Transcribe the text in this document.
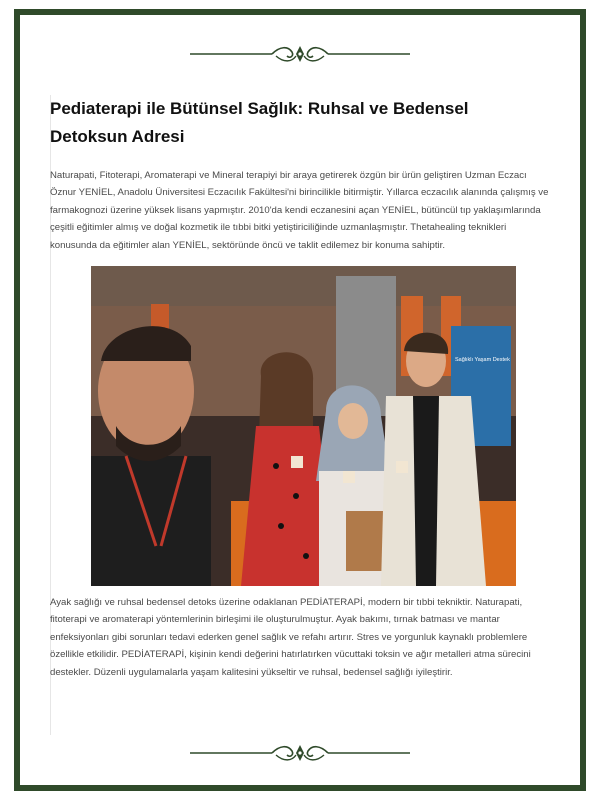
Pediaterapi ile Bütünsel Sağlık: Ruhsal ve Bedensel Detoksun Adresi

Naturapati, Fitoterapi, Aromaterapi ve Mineral terapiyi bir araya getirerek özgün bir ürün geliştiren Uzman Eczacı Öznur YENİEL, Anadolu Üniversitesi Eczacılık Fakültesi'ni birincilikle bitirmiştir. Yıllarca eczacılık alanında çalışmış ve farmakognozi üzerine yüksek lisans yapmıştır. 2010'da kendi eczanesini açan YENİEL, bütüncül tıp yaklaşımlarında çeşitli eğitimler almış ve doğal kozmetik ile tıbbi bitki yetiştiriciliğinde uzmanlaşmıştır. Thetahealing teknikleri konusunda da eğitimler alan YENİEL, sektöründe öncü ve taklit edilemez bir konuma sahiptir.

Sağlıklı Yaşam Destek

Ayak sağlığı ve ruhsal bedensel detoks üzerine odaklanan PEDİATERAPİ, modern bir tıbbi tekniktir. Naturapati, fitoterapi ve aromaterapi yöntemlerinin birleşimi ile oluşturulmuştur. Ayak bakımı, tırnak batması ve mantar enfeksiyonları gibi sorunları tedavi ederken genel sağlık ve refahı artırır. Stres ve yorgunluk kaynaklı problemlere özellikle etkilidir. PEDİATERAPİ, kişinin kendi değerini hatırlatırken vücuttaki toksin ve ağır metalleri atma sürecini destekler. Düzenli uygulamalarla yaşam kalitesini yükseltir ve ruhsal, bedensel sağlığı iyileştirir.
